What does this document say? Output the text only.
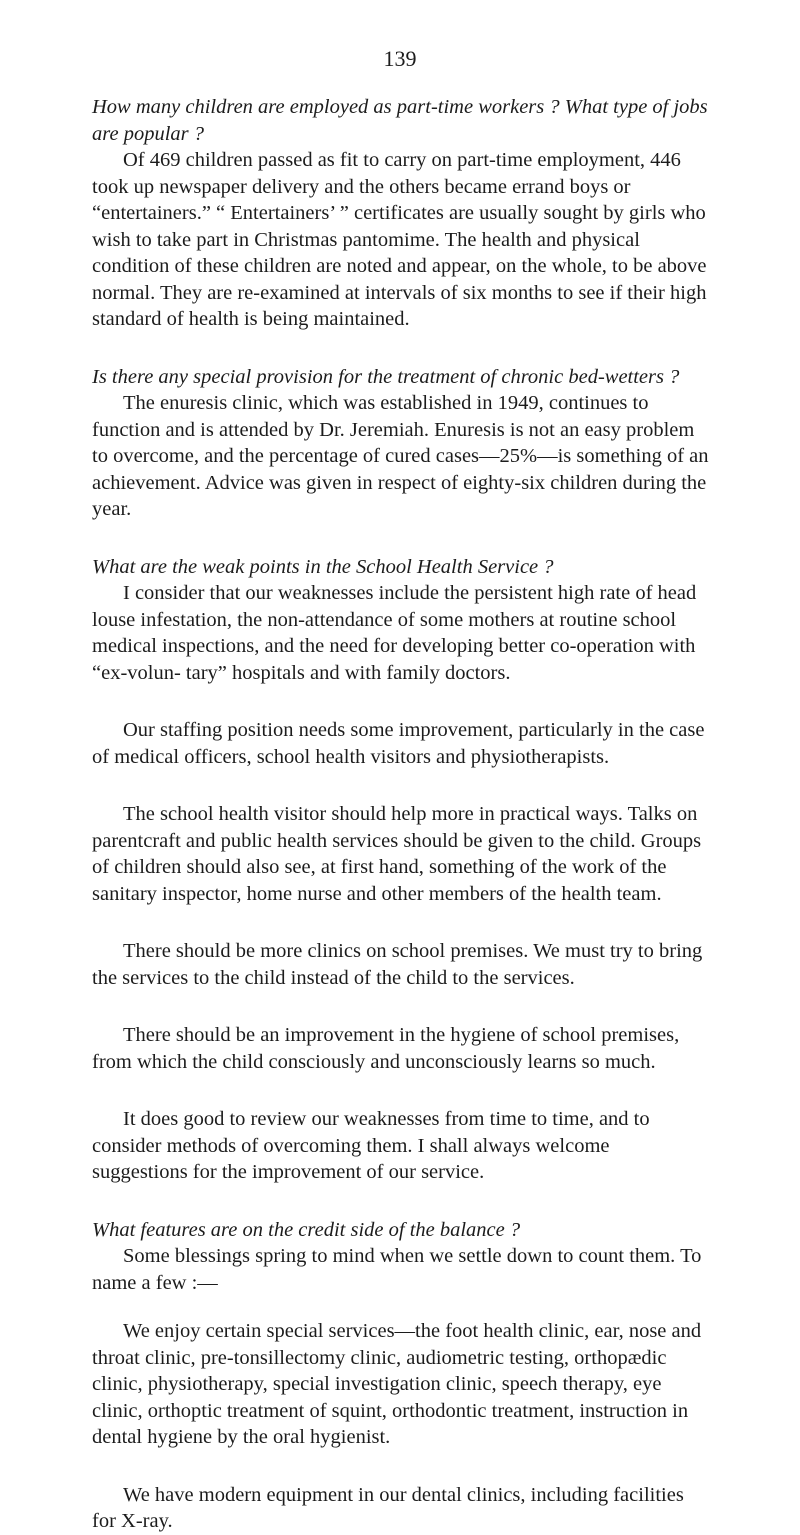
139

How many children are employed as part-time workers ? What type of jobs are popular ?

Of 469 children passed as fit to carry on part-time employment, 446 took up newspaper delivery and the others became errand boys or “entertainers.” “ Entertainers’ ” certificates are usually sought by girls who wish to take part in Christmas pantomime. The health and physical condition of these children are noted and appear, on the whole, to be above normal. They are re-examined at intervals of six months to see if their high standard of health is being maintained.

Is there any special provision for the treatment of chronic bed-wetters ?

The enuresis clinic, which was established in 1949, continues to function and is attended by Dr. Jeremiah. Enuresis is not an easy problem to overcome, and the percentage of cured cases—25%—is something of an achievement. Advice was given in respect of eighty-six children during the year.

What are the weak points in the School Health Service ?

I consider that our weaknesses include the persistent high rate of head louse infestation, the non-attendance of some mothers at routine school medical inspections, and the need for developing better co-operation with “ex-volun- tary” hospitals and with family doctors.

Our staffing position needs some improvement, particularly in the case of medical officers, school health visitors and physiotherapists.

The school health visitor should help more in practical ways. Talks on parentcraft and public health services should be given to the child. Groups of children should also see, at first hand, something of the work of the sanitary inspector, home nurse and other members of the health team.

There should be more clinics on school premises. We must try to bring the services to the child instead of the child to the services.

There should be an improvement in the hygiene of school premises, from which the child consciously and unconsciously learns so much.

It does good to review our weaknesses from time to time, and to consider methods of overcoming them. I shall always welcome suggestions for the improvement of our service.

What features are on the credit side of the balance ?

Some blessings spring to mind when we settle down to count them. To name a few :—

We enjoy certain special services—the foot health clinic, ear, nose and throat clinic, pre-tonsillectomy clinic, audiometric testing, orthopædic clinic, physiotherapy, special investigation clinic, speech therapy, eye clinic, orthoptic treatment of squint, orthodontic treatment, instruction in dental hygiene by the oral hygienist.

We have modern equipment in our dental clinics, including facilities for X-ray.
